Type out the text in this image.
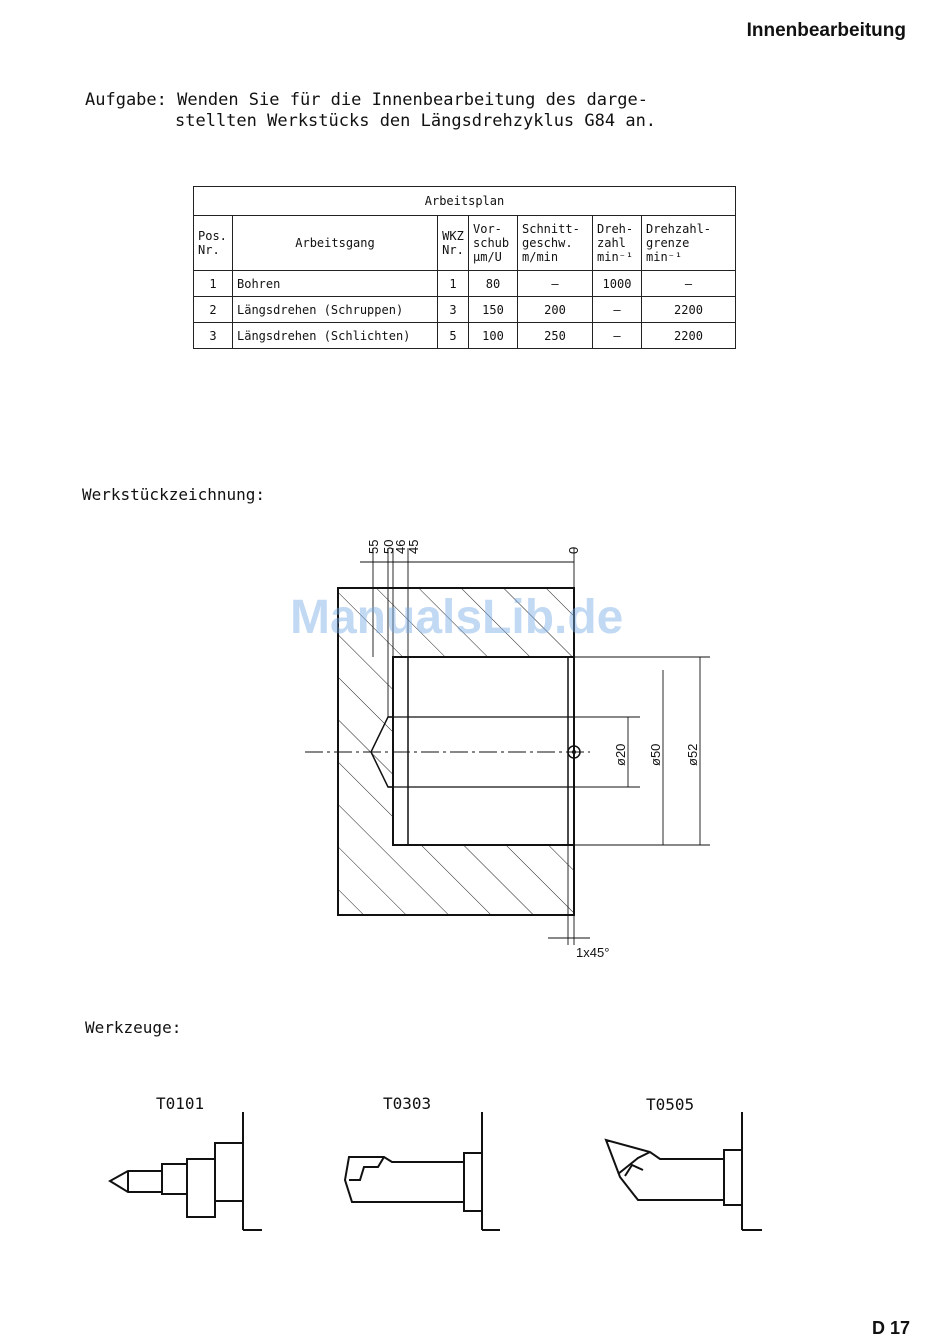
Innenbearbeitung
Aufgabe: Wenden Sie für die Innenbearbeitung des darge-
stellten Werkstücks den Längsdrehzyklus G84 an.
Arbeitsplan						
Pos. Nr.	Arbeitsgang	WKZ Nr.	Vor- schub µm/U	Schnitt- geschw. m/min	Dreh- zahl min⁻¹	Drehzahl- grenze min⁻¹
1	Bohren	1	80	—	1000	—
2	Längsdrehen (Schruppen)	3	150	200	—	2200
3	Längsdrehen (Schlichten)	5	100	250	—	2200
Werkstückzeichnung:
55 50
46
45	0
ø20 ø50 ø52
1x45°
ManualsLib.de
Werkzeuge:
T0101	T0303	T0505
D 17
